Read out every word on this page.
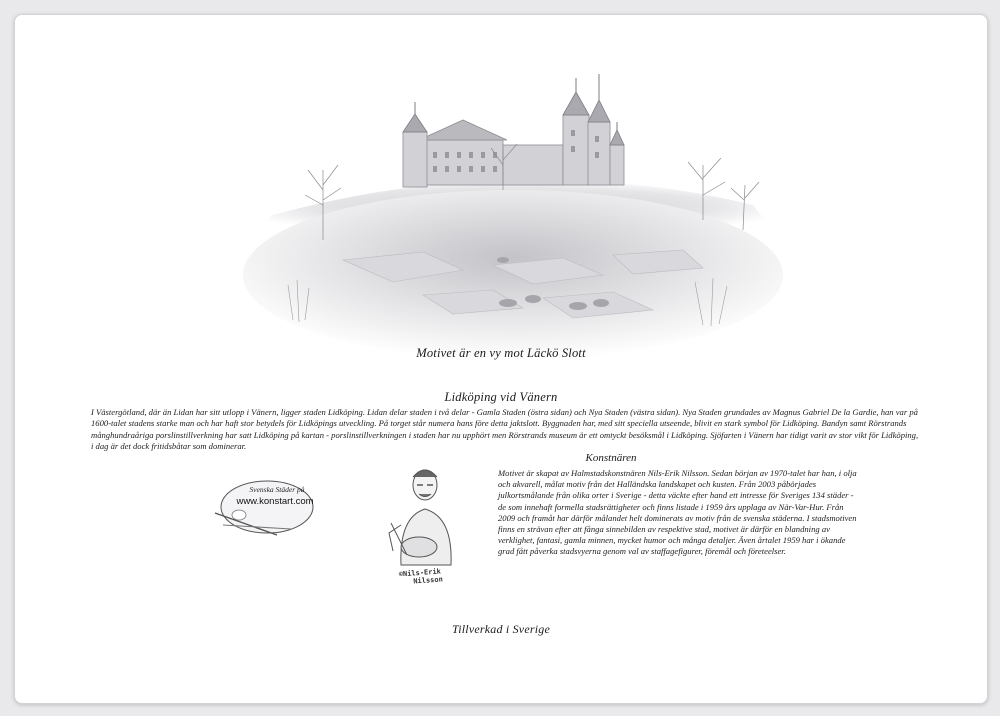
Motivet är en vy mot Läckö Slott
Lidköping vid Vänern

I Västergötland, där än Lidan har sitt utlopp i Vänern, ligger staden Lidköping. Lidan delar staden i två delar - Gamla Staden (östra sidan) och Nya Staden (västra sidan). Nya Staden grundades av Magnus Gabriel De la Gardie, han var på 1600-talet stadens starke man och har haft stor betydels för Lidköpings utveckling. På torget står numera hans före detta jaktslott. Byggnaden har, med sitt speciella utseende, blivit en stark symbol för Lidköping. Bandyn samt Rörstrands månghundraåriga porslinstillverkning har satt Lidköping på kartan - porslinstillverkningen i staden har nu upphört men Rörstrands museum är ett omtyckt besöksmål i Lidköping. Sjöfarten i Vänern har tidigt varit av stor vikt för Lidköping, i dag är det dock fritidsbåtar som dominerar.

Svenska Städer på
www.konstart.com
©Nils-Erik
Nilsson
Konstnären

Motivet är skapat av Halmstadskonstnären Nils-Erik Nilsson. Sedan början av 1970-talet har han, i olja och akvarell, målat motiv från det Halländska landskapet och kusten. Från 2003 påbörjades julkortsmålande från olika orter i Sverige - detta väckte efter hand ett intresse för Sveriges 134 städer - de som innehaft formella stadsrättigheter och finns listade i 1959 års upplaga av När-Var-Hur. Från 2009 och framåt har därför målandet helt dominerats av motiv från de svenska städerna. I stadsmotiven finns en strävan efter att fånga sinnebilden av respektive stad, motivet är därför en blandning av verklighet, fantasi, gamla minnen, mycket humor och många detaljer. Även årtalet 1959 har i ökande grad fått påverka stadsvyerna genom val av staffagefigurer, föremål och företeelser.

Tillverkad i Sverige
